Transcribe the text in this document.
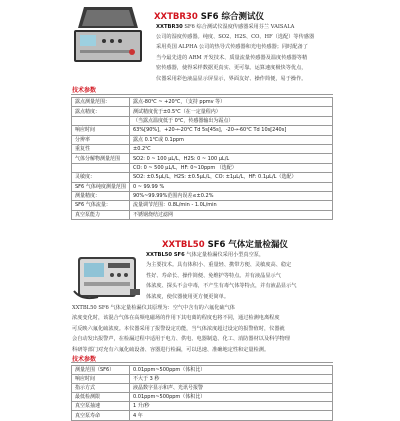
XXTBR30 SF6 综合测试仪
XXTBR30 SF6 综合测试仪湿度传感器采用芬兰 VAISALA
公司的湿度传感器。纯度、SO2、H2S、CO、HF（选配）等传感器
采用英国 ALPHA 公司的热导式传感器和光电传感器；同时配备了
当今最先进的 ARM 开发技术、质量流量传感器及温度传感器等精
密传感器，使得采样数据更真实、更可靠。运算速度极快等优点，
仪器采用彩色液晶显示屏显示，界面友好、操作简便，易于操作。
技术参数
露点测量范围：	露点-80℃ ~ +20℃，（支持 ppmv 等）
露点精度：	测试精度优于±0.5℃（在一定量程内）
	（当露点温度低于 0℃，传感器输出为霜点）
响应时间	63%[90%]，+20→-20℃ Td 5s[45s]，-20→-60℃ Td 10s[240s]
分辨率	露点 0.1℃或 0.1ppm
重复性	±0.2℃
气体分解物测量范围	SO2: 0 ~ 100 μL/L，H2S: 0 ~ 100 μL/L
	CO: 0 ~ 500 μL/L，HF: 0~10ppm （选配）
灵敏度：	SO2: ±0.5μL/L，H2S: ±0.5μL/L，CO: ±1μL/L，HF: 0.1μL/L（选配）
SF6 气体纯度测量范围	0 ~ 99.99 %
测量精度：	90%~99.99%范围内误差≤±0.2%
SF6 气体流量：	流量调节范围：0.8L/min - 1.0L/min
真空泵能力	不锈钢烧结过滤网
XXTBL50 SF6 气体定量检漏仪
XXTBL50 SF6 气体定量检漏仪采用小型真空泵，
为主要技术。具有体积小、重量轻、携带方便、灵敏度高、稳定
性好、寿命长、操作简便、免维护等特点。并有液晶显示气
体浓度、探头不会中毒，不产生有毒气体等特点，并有液晶显示气
体浓度，使仪器使用更方便更简单。
XXTBL50 SF6 气体定量检漏仪其原理为：空气中含有的六氟化硫气体
浓度变化时，该混合气体在高频电磁场的作用下其电离的程度也将不同，通过检测电离程度
可反映六氟化硫浓度。本仪器采用了报警设定功能，当气体浓度超过设定的报警值时，仪器就
会自动发出报警声，在检漏过程中适用于电力、供电、电器制造、化工、消防器材以及科学物理
科研等部门对充有六氟化硫设备、容器进行检漏，可以迅速、准确地定性和定量检测。
技术参数
测量范围（SF6）	0.01ppm~500ppm（体积比）
响应时间	不大于 3 秒
指示方式	液晶数字显示和声、光讯号报警
最低检测限	0.01ppm~500ppm（体积比）
真空泵抽速	1 升/秒
真空泵寿命	4 年
